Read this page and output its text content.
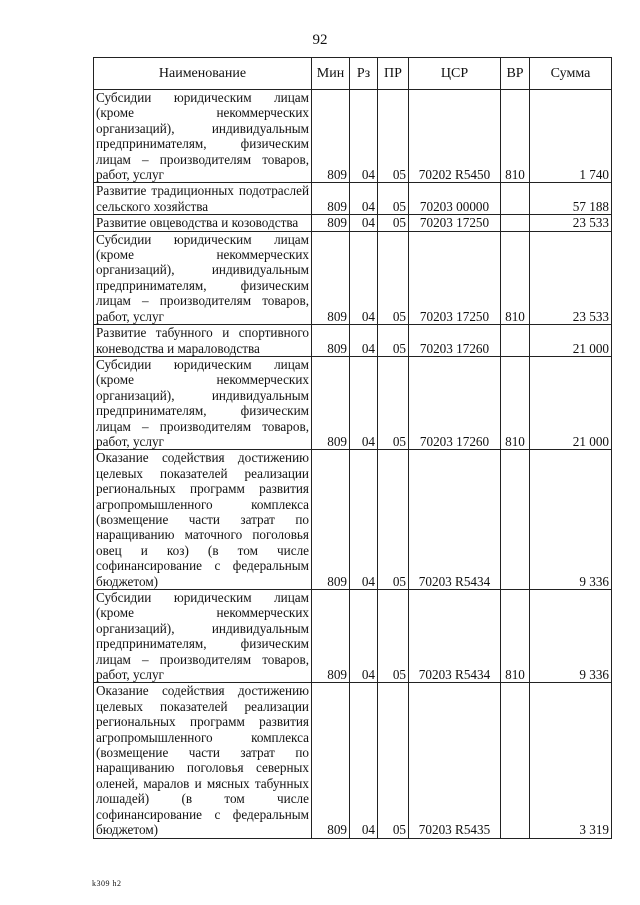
92
Наименование	Мин	Рз	ПР	ЦСР	ВР	Сумма
Субсидии юридическим лицам (кроме некоммерческих организаций), индивидуальным предпринимателям, физическим лицам – производителям товаров, работ, услуг	809	04	05	70202 R5450	810	1 740
Развитие традиционных подотраслей сельского хозяйства	809	04	05	70203 00000		57 188
Развитие овцеводства и козоводства	809	04	05	70203 17250		23 533
Субсидии юридическим лицам (кроме некоммерческих организаций), индивидуальным предпринимателям, физическим лицам – производителям товаров, работ, услуг	809	04	05	70203 17250	810	23 533
Развитие табунного и спортивного коневодства и мараловодства	809	04	05	70203 17260		21 000
Субсидии юридическим лицам (кроме некоммерческих организаций), индивидуальным предпринимателям, физическим лицам – производителям товаров, работ, услуг	809	04	05	70203 17260	810	21 000
Оказание содействия достижению целевых показателей реализации региональных программ развития агропромышленного комплекса (возмещение части затрат по наращиванию маточного поголовья овец и коз) (в том числе софинансирование с федеральным бюджетом)	809	04	05	70203 R5434		9 336
Субсидии юридическим лицам (кроме некоммерческих организаций), индивидуальным предпринимателям, физическим лицам – производителям товаров, работ, услуг	809	04	05	70203 R5434	810	9 336
Оказание содействия достижению целевых показателей реализации региональных программ развития агропромышленного комплекса (возмещение части затрат по наращиванию поголовья северных оленей, маралов и мясных табунных лошадей) (в том числе софинансирование с федеральным бюджетом)	809	04	05	70203 R5435		3 319
k309 h2
